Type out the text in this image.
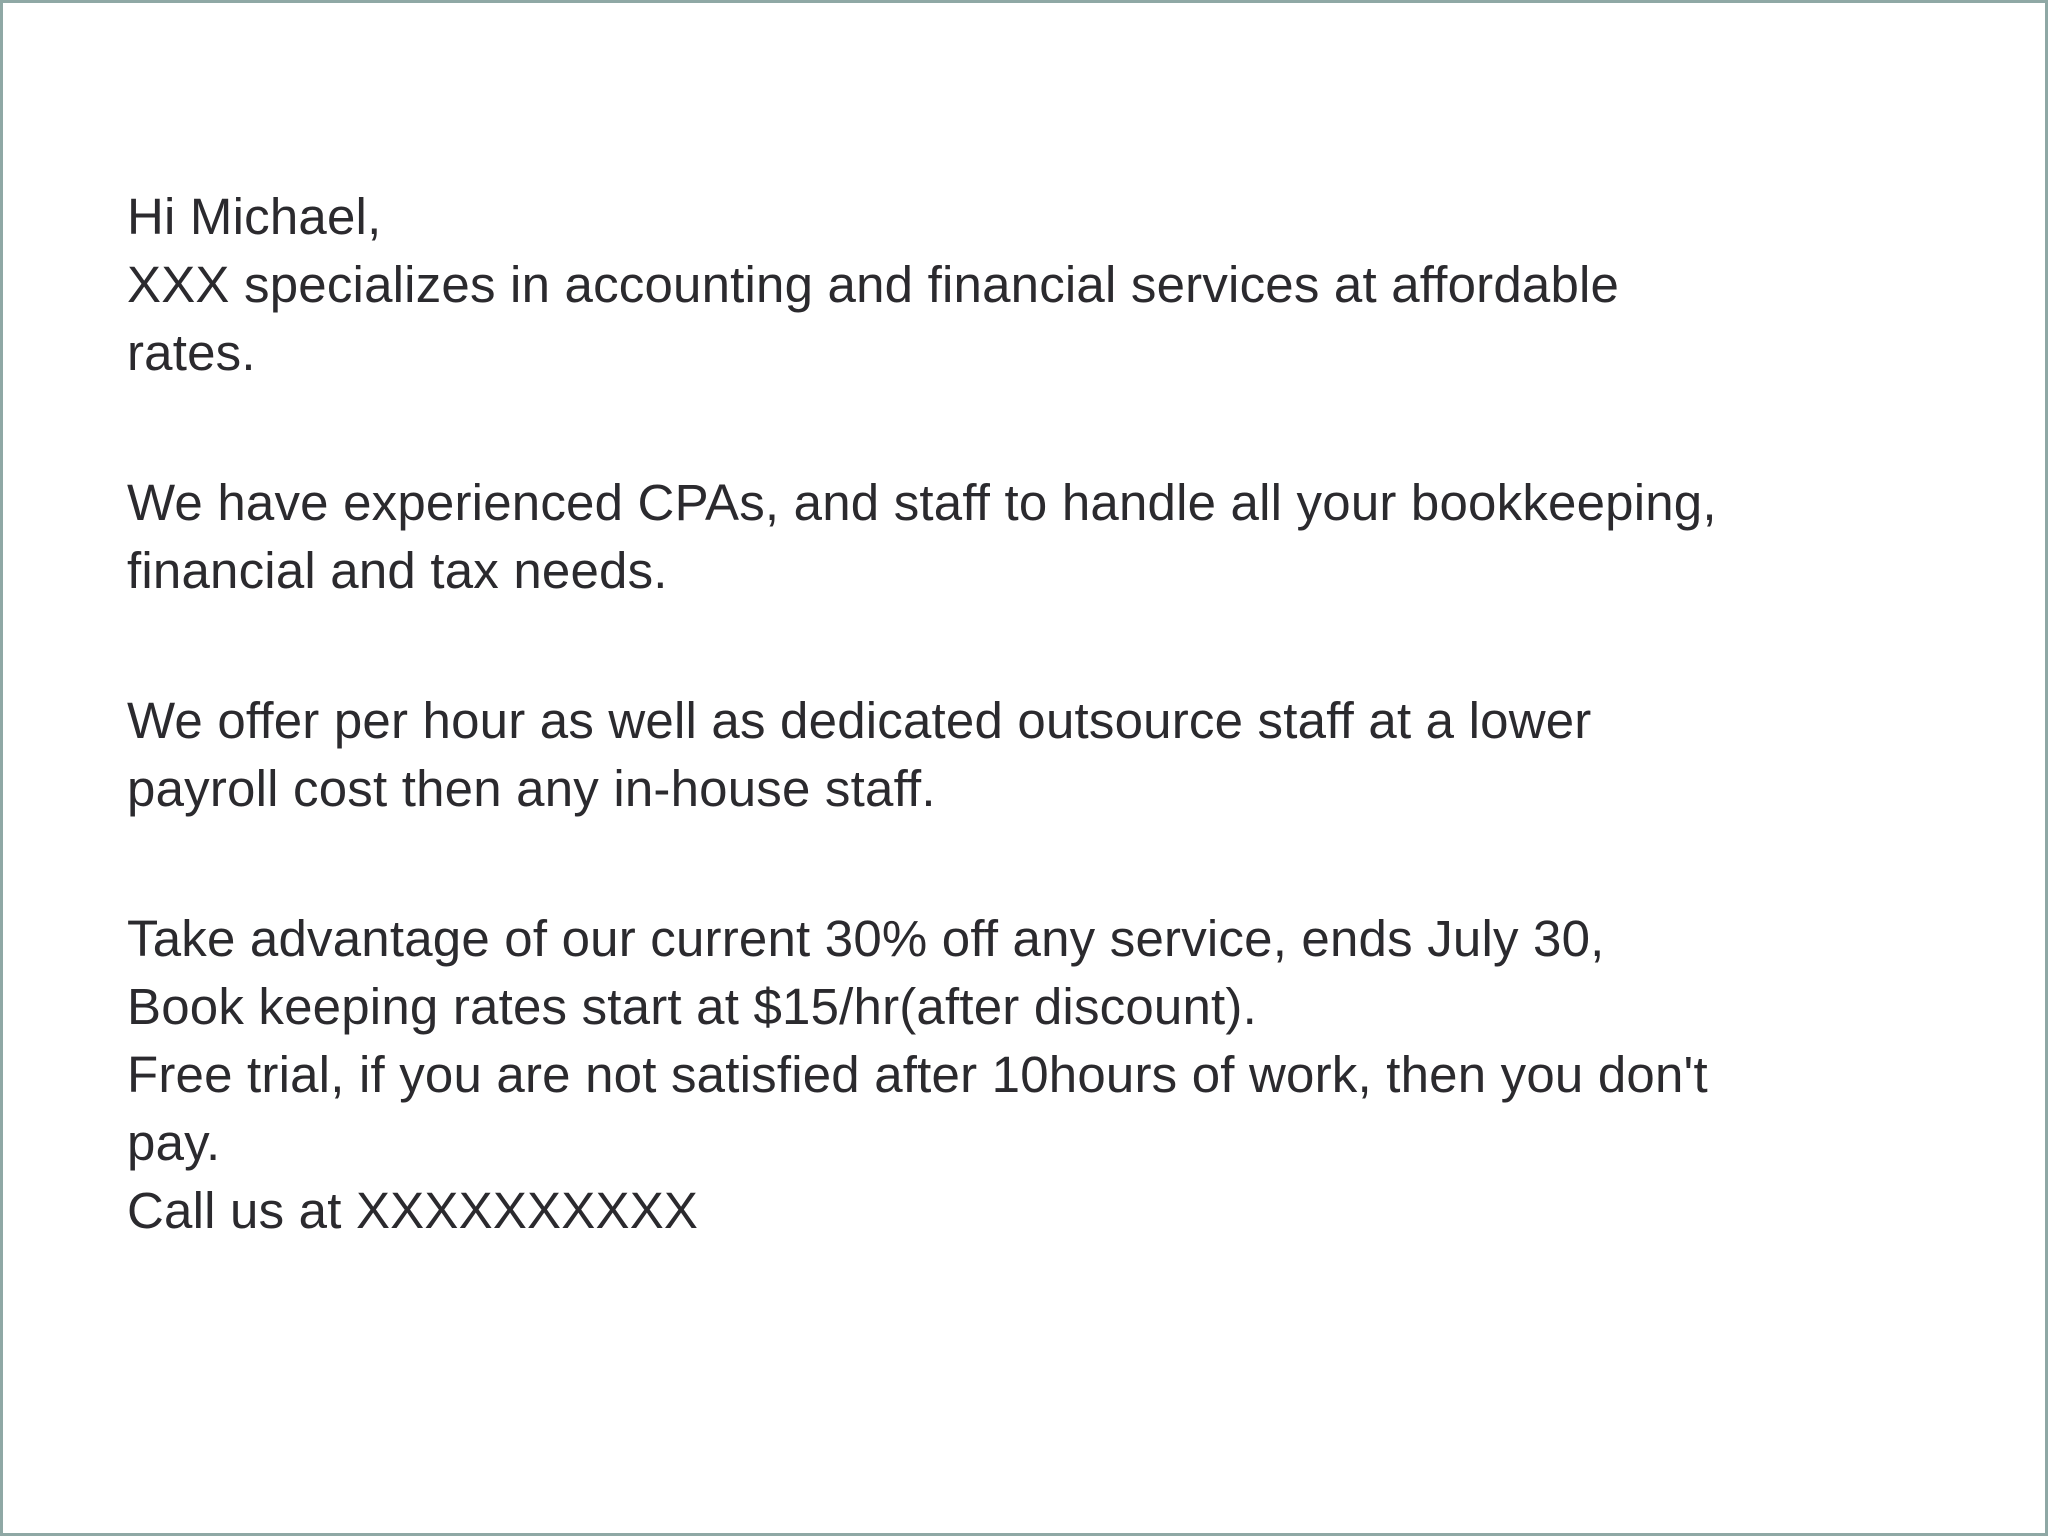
Hi Michael,
XXX specializes in accounting and financial services at affordable
rates.

We have experienced CPAs, and staff to handle all your bookkeeping,
financial and tax needs.

We offer per hour as well as dedicated outsource staff at a lower
payroll cost then any in-house staff.

Take advantage of our current 30% off any service, ends July 30,
Book keeping rates start at $15/hr(after discount).
Free trial, if you are not satisfied after 10hours of work, then you don't
pay.
Call us at XXXXXXXXXX
